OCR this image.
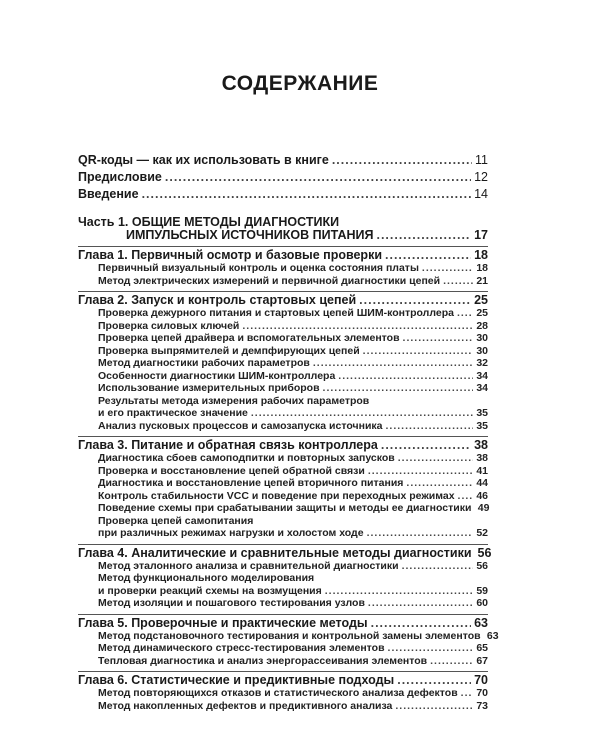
СОДЕРЖАНИЕ
QR-коды — как их использовать в книге .....	11
Предисловие .....	12
Введение .....	14
Часть 1. ОБЩИЕ МЕТОДЫ ДИАГНОСТИКИ
ИМПУЛЬСНЫХ ИСТОЧНИКОВ ПИТАНИЯ .....	17
Глава 1. Первичный осмотр и базовые проверки .....	18
Первичный визуальный контроль и оценка состояния платы .....	18
Метод электрических измерений и первичной диагностики цепей .....	21
Глава 2. Запуск и контроль стартовых цепей .....	25
Проверка дежурного питания и стартовых цепей ШИМ-контроллера ..... 25
Проверка силовых ключей .....	28
Проверка цепей драйвера и вспомогательных элементов .....	30
Проверка выпрямителей и демпфирующих цепей .....	30
Метод диагностики рабочих параметров .....	32
Особенности диагностики ШИМ-контроллера .....	34
Использование измерительных приборов .....	34
Результаты метода измерения рабочих параметров
и его практическое значение .....	35
Анализ пусковых процессов и самозапуска источника .....	35
Глава 3. Питание и обратная связь контроллера .....	38
Диагностика сбоев самоподпитки и повторных запусков .....	38
Проверка и восстановление цепей обратной связи .....	41
Диагностика и восстановление цепей вторичного питания .....	44
Контроль стабильности VCC и поведение при переходных режимах ..... 46
Поведение схемы при срабатывании защиты и методы ее диагностики 49
Проверка цепей самопитания
при различных режимах нагрузки и холостом ходе .....	52
Глава 4. Аналитические и сравнительные методы диагностики 56
Метод эталонного анализа и сравнительной диагностики .....	56
Метод функционального моделирования
и проверки реакций схемы на возмущения .....	59
Метод изоляции и пошагового тестирования узлов .....	60
Глава 5. Проверочные и практические методы .....	63
Метод подстановочного тестирования и контрольной замены элементов 63
Метод динамического стресс-тестирования элементов .....	65
Тепловая диагностика и анализ энергорассеивания элементов .....	67
Глава 6. Статистические и предиктивные подходы .....	70
Метод повторяющихся отказов и статистического анализа дефектов ..... 70
Метод накопленных дефектов и предиктивного анализа .....	73
